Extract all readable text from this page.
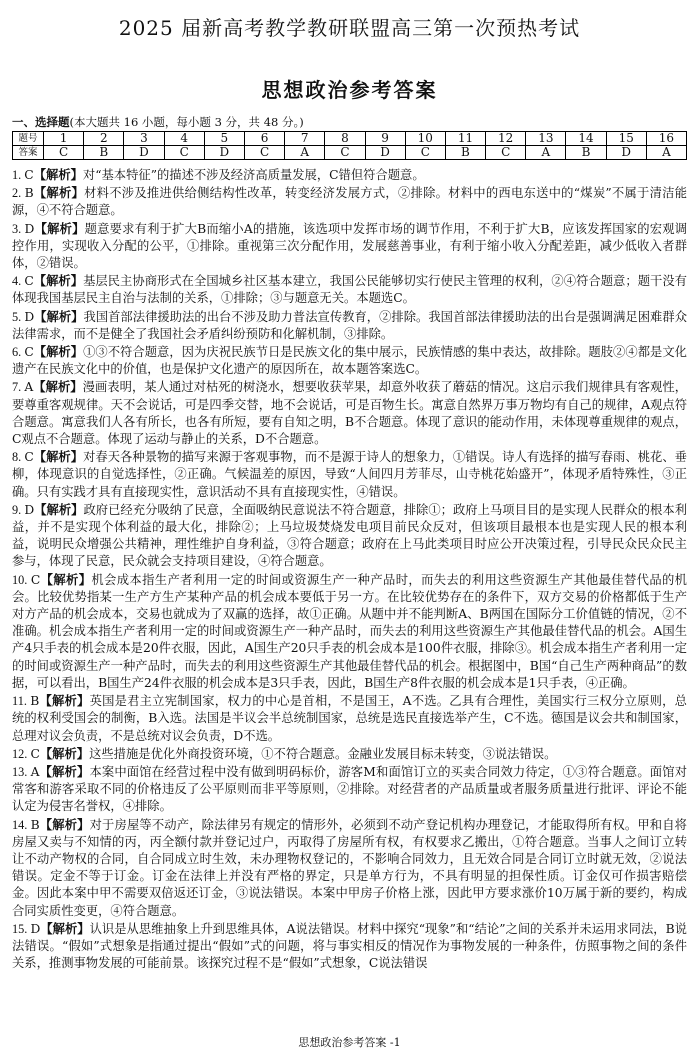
2025 届新高考教学教研联盟高三第一次预热考试
思想政治参考答案
一、选择题(本大题共 16 小题，每小题 3 分，共 48 分。)
题号	1	2	3	4	5	6	7	8	9	10	11	12	13	14	15	16
答案	C	B	D	C	D	C	A	C	D	C	B	C	A	B	D	A

1. C【解析】对“基本特征”的描述不涉及经济高质量发展，C错但符合题意。

2. B【解析】材料不涉及推进供给侧结构性改革，转变经济发展方式，②排除。材料中的西电东送中的“煤炭”不属于清洁能源，④不符合题意。

3. D【解析】题意要求有利于扩大B而缩小A的措施，该选项中发挥市场的调节作用，不利于扩大B，应该发挥国家的宏观调控作用，实现收入分配的公平，①排除。重视第三次分配作用，发展慈善事业，有利于缩小收入分配差距，减少低收入者群体，②错误。

4. C【解析】基层民主协商形式在全国城乡社区基本建立，我国公民能够切实行使民主管理的权利，②④符合题意；题干没有体现我国基层民主自治与法制的关系，①排除；③与题意无关。本题选C。

5. D【解析】我国首部法律援助法的出台不涉及助力普法宣传教育，②排除。我国首部法律援助法的出台是强调满足困难群众法律需求，而不是健全了我国社会矛盾纠纷预防和化解机制，③排除。

6. C【解析】①③不符合题意，因为庆祝民族节日是民族文化的集中展示，民族情感的集中表达，故排除。题肢②④都是文化遗产在民族文化中的价值，也是保护文化遗产的原因所在，故本题答案选C。

7. A【解析】漫画表明，某人通过对枯死的树浇水，想要收获苹果，却意外收获了蘑菇的情况。这启示我们规律具有客观性，要尊重客观规律。天不会说话，可是四季交替，地不会说话，可是百物生长。寓意自然界万事万物均有自己的规律，A观点符合题意。寓意我们人各有所长，也各有所短，要有自知之明，B不合题意。体现了意识的能动作用，未体现尊重规律的观点，C观点不合题意。体现了运动与静止的关系，D不合题意。

8. C【解析】对春天各种景物的描写来源于客观事物，而不是源于诗人的想象力，①错误。诗人有选择的描写春雨、桃花、垂柳，体现意识的自觉选择性，②正确。气候温差的原因，导致“人间四月芳菲尽，山寺桃花始盛开”，体现矛盾特殊性，③正确。只有实践才具有直接现实性，意识活动不具有直接现实性，④错误。

9. D【解析】政府已经充分吸纳了民意，全面吸纳民意说法不符合题意，排除①；政府上马项目目的是实现人民群众的根本利益，并不是实现个体利益的最大化，排除②；上马垃圾焚烧发电项目前民众反对，但该项目最根本也是实现人民的根本利益，说明民众增强公共精神，理性维护自身利益，③符合题意；政府在上马此类项目时应公开决策过程，引导民众民众民主参与，体现了民意，民众就会支持项目建设，④符合题意。

10. C【解析】机会成本指生产者利用一定的时间或资源生产一种产品时，而失去的利用这些资源生产其他最佳替代品的机会。比较优势指某一生产方生产某种产品的机会成本要低于另一方。在比较优势存在的条件下，双方交易的价格都低于生产对方产品的机会成本，交易也就成为了双赢的选择，故①正确。从题中并不能判断A、B两国在国际分工价值链的情况，②不准确。机会成本指生产者利用一定的时间或资源生产一种产品时，而失去的利用这些资源生产其他最佳替代品的机会。A国生产4只手表的机会成本是20件衣服，因此，A国生产20只手表的机会成本是100件衣服，排除③。机会成本指生产者利用一定的时间或资源生产一种产品时，而失去的利用这些资源生产其他最佳替代品的机会。根据图中，B国“自己生产两种商品”的数据，可以看出，B国生产24件衣服的机会成本是3只手表，因此，B国生产8件衣服的机会成本是1只手表，④正确。

11. B【解析】英国是君主立宪制国家，权力的中心是首相，不是国王，A不选。乙具有合理性，美国实行三权分立原则，总统的权利受国会的制衡，B入选。法国是半议会半总统制国家，总统是选民直接选举产生，C不选。德国是议会共和制国家，总理对议会负责，不是总统对议会负责，D不选。

12. C【解析】这些措施是优化外商投资环境，①不符合题意。金融业发展目标未转变，③说法错误。

13. A【解析】本案中面馆在经营过程中没有做到明码标价，游客M和面馆订立的买卖合同效力待定，①③符合题意。面馆对常客和游客采取不同的价格违反了公平原则而非平等原则，②排除。对经营者的产品质量或者服务质量进行批评、评论不能认定为侵害名誉权，④排除。

14. B【解析】对于房屋等不动产，除法律另有规定的情形外，必须到不动产登记机构办理登记，才能取得所有权。甲和自将房屋又卖与不知情的丙，丙全额付款并登记过户，丙取得了房屋所有权，有权要求乙搬出，①符合题意。当事人之间订立转让不动产物权的合同，自合同成立时生效，未办理物权登记的，不影响合同效力，且无效合同是合同订立时就无效，②说法错误。定金不等于订金。订金在法律上并没有严格的界定，只是单方行为，不具有明显的担保性质。订金仅可作损害赔偿金。因此本案中甲不需要双倍返还订金，③说法错误。本案中甲房子价格上涨，因此甲方要求涨价10万属于新的要约，构成合同实质性变更，④符合题意。

15. D【解析】认识是从思维抽象上升到思维具体，A说法错误。材料中探究“现象”和“结论”之间的关系并未运用求同法，B说法错误。“假如”式想象是指通过提出“假如”式的问题，将与事实相反的情况作为事物发展的一种条件，仿照事物之间的条件关系，推测事物发展的可能前景。该探究过程不是“假如”式想象，C说法错误

思想政治参考答案 -1
